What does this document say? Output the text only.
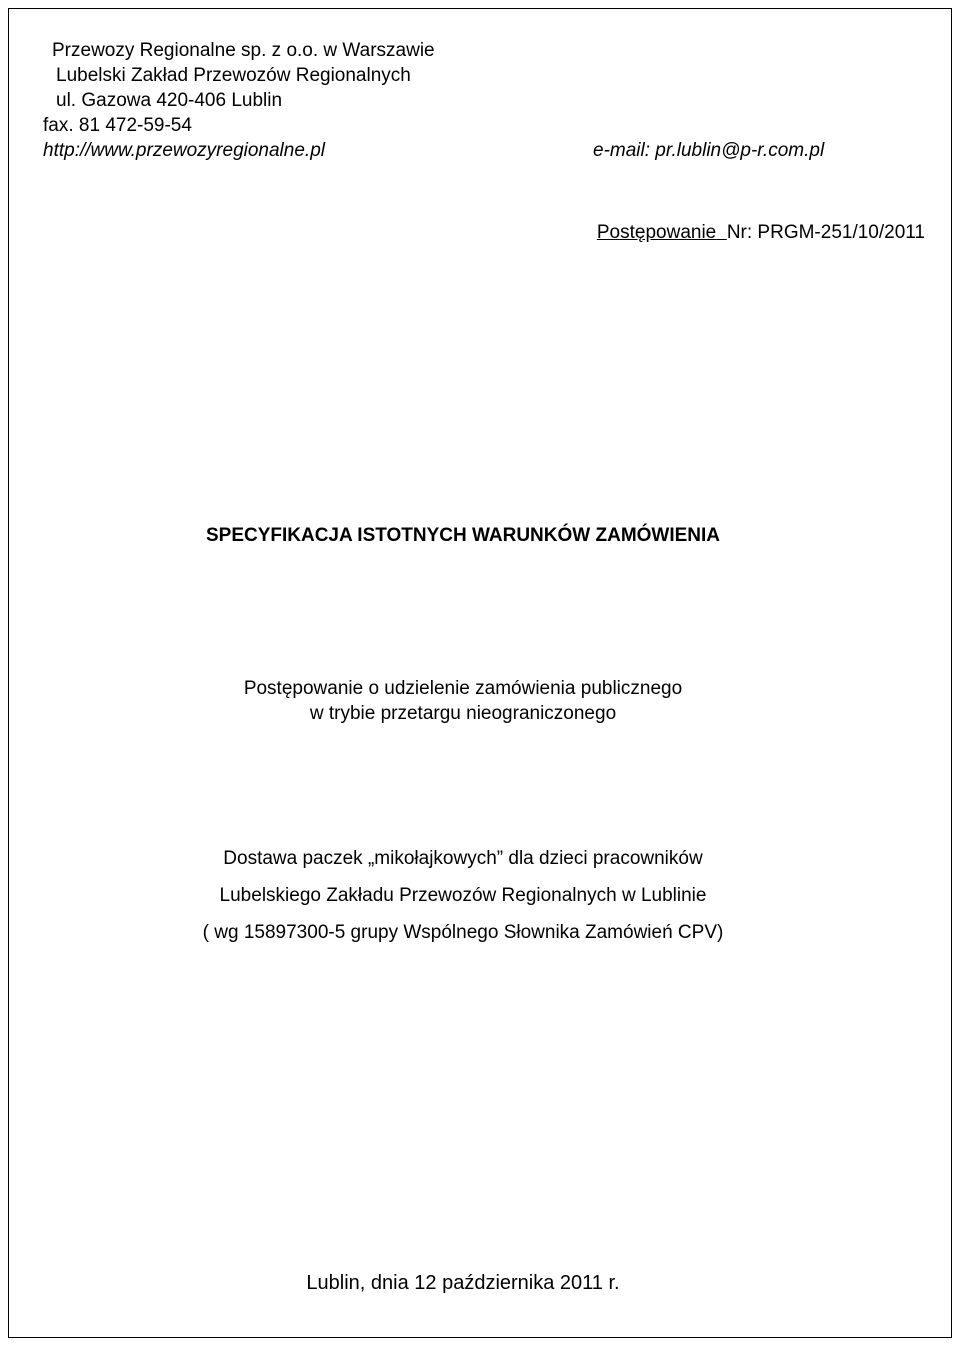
Przewozy Regionalne sp. z o.o. w Warszawie
Lubelski Zakład Przewozów Regionalnych
ul. Gazowa 420-406 Lublin
fax. 81 472-59-54
http://www.przewozyregionalne.pl	e-mail: pr.lublin@p-r.com.pl
Postępowanie Nr: PRGM-251/10/2011
SPECYFIKACJA ISTOTNYCH WARUNKÓW ZAMÓWIENIA
Postępowanie o udzielenie zamówienia publicznego
w trybie przetargu nieograniczonego
Dostawa paczek „mikołajkowych” dla dzieci pracowników
Lubelskiego Zakładu Przewozów Regionalnych w Lublinie
( wg 15897300-5 grupy Wspólnego Słownika Zamówień CPV)
Lublin, dnia 12 października 2011 r.
